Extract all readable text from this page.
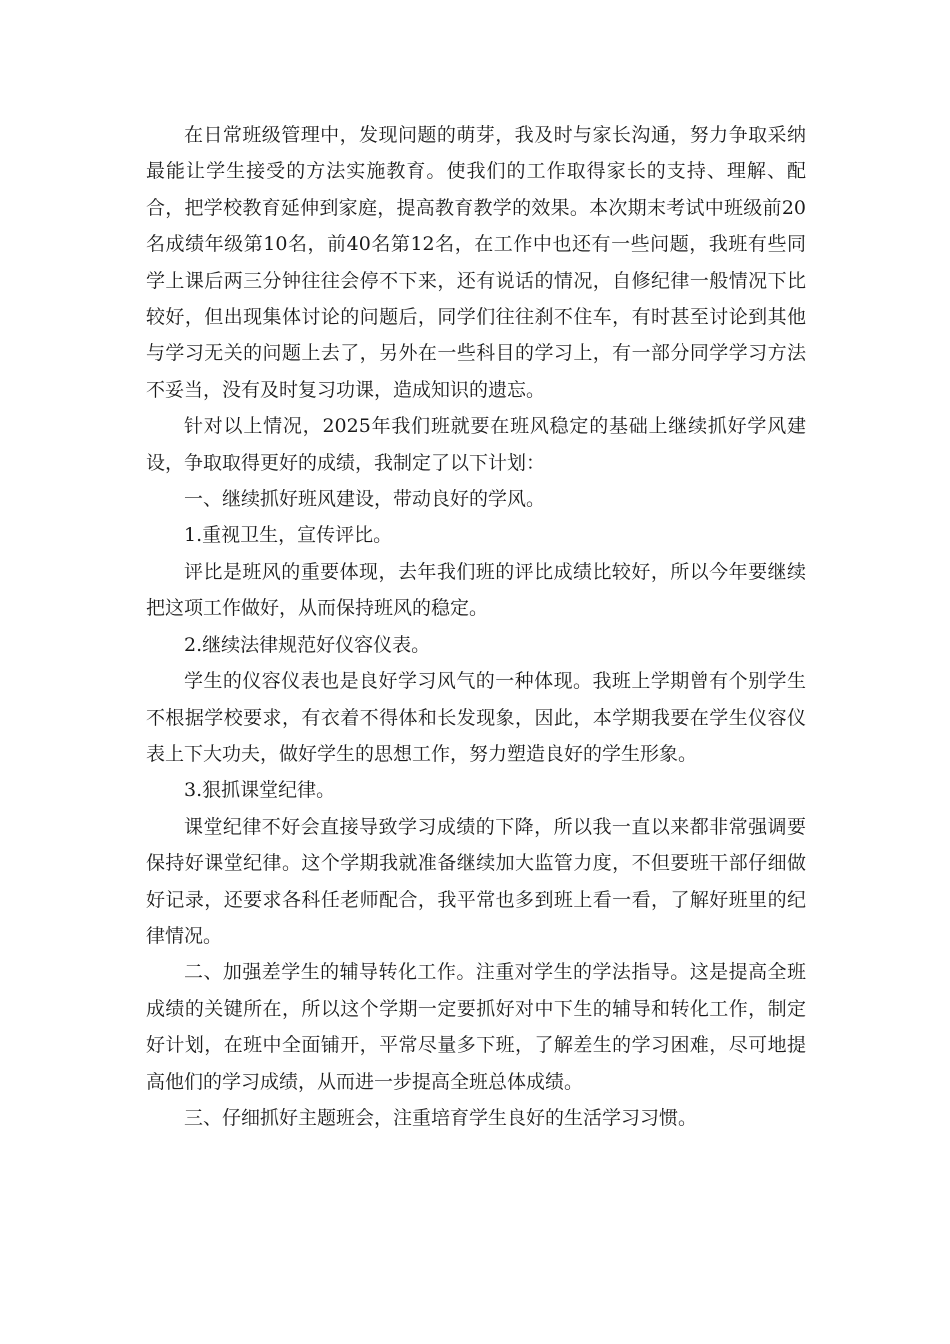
在日常班级管理中，发现问题的萌芽，我及时与家长沟通，努力争取采纳最能让学生接受的方法实施教育。使我们的工作取得家长的支持、理解、配合，把学校教育延伸到家庭，提高教育教学的效果。本次期末考试中班级前20名成绩年级第10名，前40名第12名，在工作中也还有一些问题，我班有些同学上课后两三分钟往往会停不下来，还有说话的情况，自修纪律一般情况下比较好，但出现集体讨论的问题后，同学们往往刹不住车，有时甚至讨论到其他与学习无关的问题上去了，另外在一些科目的学习上，有一部分同学学习方法不妥当，没有及时复习功课，造成知识的遗忘。

针对以上情况，2025年我们班就要在班风稳定的基础上继续抓好学风建设，争取取得更好的成绩，我制定了以下计划：

一、继续抓好班风建设，带动良好的学风。

1.重视卫生，宣传评比。

评比是班风的重要体现，去年我们班的评比成绩比较好，所以今年要继续把这项工作做好，从而保持班风的稳定。

2.继续法律规范好仪容仪表。

学生的仪容仪表也是良好学习风气的一种体现。我班上学期曾有个别学生不根据学校要求，有衣着不得体和长发现象，因此，本学期我要在学生仪容仪表上下大功夫，做好学生的思想工作，努力塑造良好的学生形象。

3.狠抓课堂纪律。

课堂纪律不好会直接导致学习成绩的下降，所以我一直以来都非常强调要保持好课堂纪律。这个学期我就准备继续加大监管力度，不但要班干部仔细做好记录，还要求各科任老师配合，我平常也多到班上看一看，了解好班里的纪律情况。

二、加强差学生的辅导转化工作。注重对学生的学法指导。这是提高全班成绩的关键所在，所以这个学期一定要抓好对中下生的辅导和转化工作，制定好计划，在班中全面铺开，平常尽量多下班，了解差生的学习困难，尽可地提高他们的学习成绩，从而进一步提高全班总体成绩。

三、仔细抓好主题班会，注重培育学生良好的生活学习习惯。
